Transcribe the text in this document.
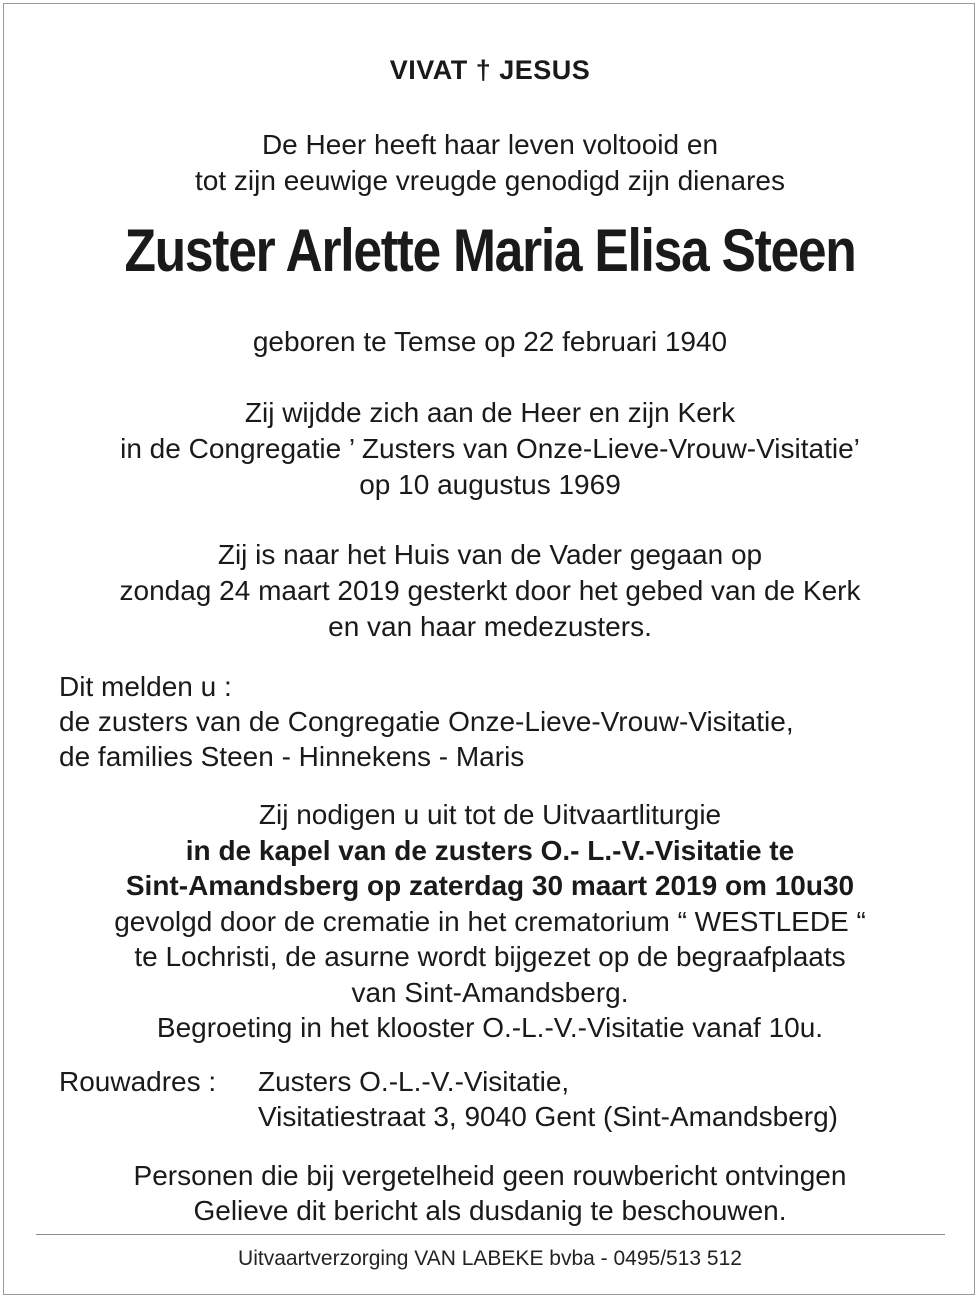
VIVAT † JESUS
De Heer heeft haar leven voltooid en
tot zijn eeuwige vreugde genodigd zijn dienares
Zuster Arlette Maria Elisa Steen
geboren te Temse op 22 februari 1940
Zij wijdde zich aan de Heer en zijn Kerk
in de Congregatie ’ Zusters van Onze-Lieve-Vrouw-Visitatie’
op 10 augustus 1969
Zij is naar het Huis van de Vader gegaan op
zondag 24 maart 2019 gesterkt door het gebed van de Kerk
en van haar medezusters.
Dit melden u :
de zusters van de Congregatie Onze-Lieve-Vrouw-Visitatie,
de families Steen - Hinnekens - Maris
Zij nodigen u uit tot de Uitvaartliturgie
in de kapel van de zusters O.- L.-V.-Visitatie te
Sint-Amandsberg op zaterdag 30 maart 2019 om 10u30
gevolgd door de crematie in het crematorium “ WESTLEDE “
te Lochristi, de asurne wordt bijgezet op de begraafplaats
van Sint-Amandsberg.
Begroeting in het klooster O.-L.-V.-Visitatie vanaf 10u.
Rouwadres :	Zusters O.-L.-V.-Visitatie,
Visitatiestraat 3, 9040 Gent (Sint-Amandsberg)
Personen die bij vergetelheid geen rouwbericht ontvingen
Gelieve dit bericht als dusdanig te beschouwen.
Uitvaartverzorging VAN LABEKE bvba - 0495/513 512
